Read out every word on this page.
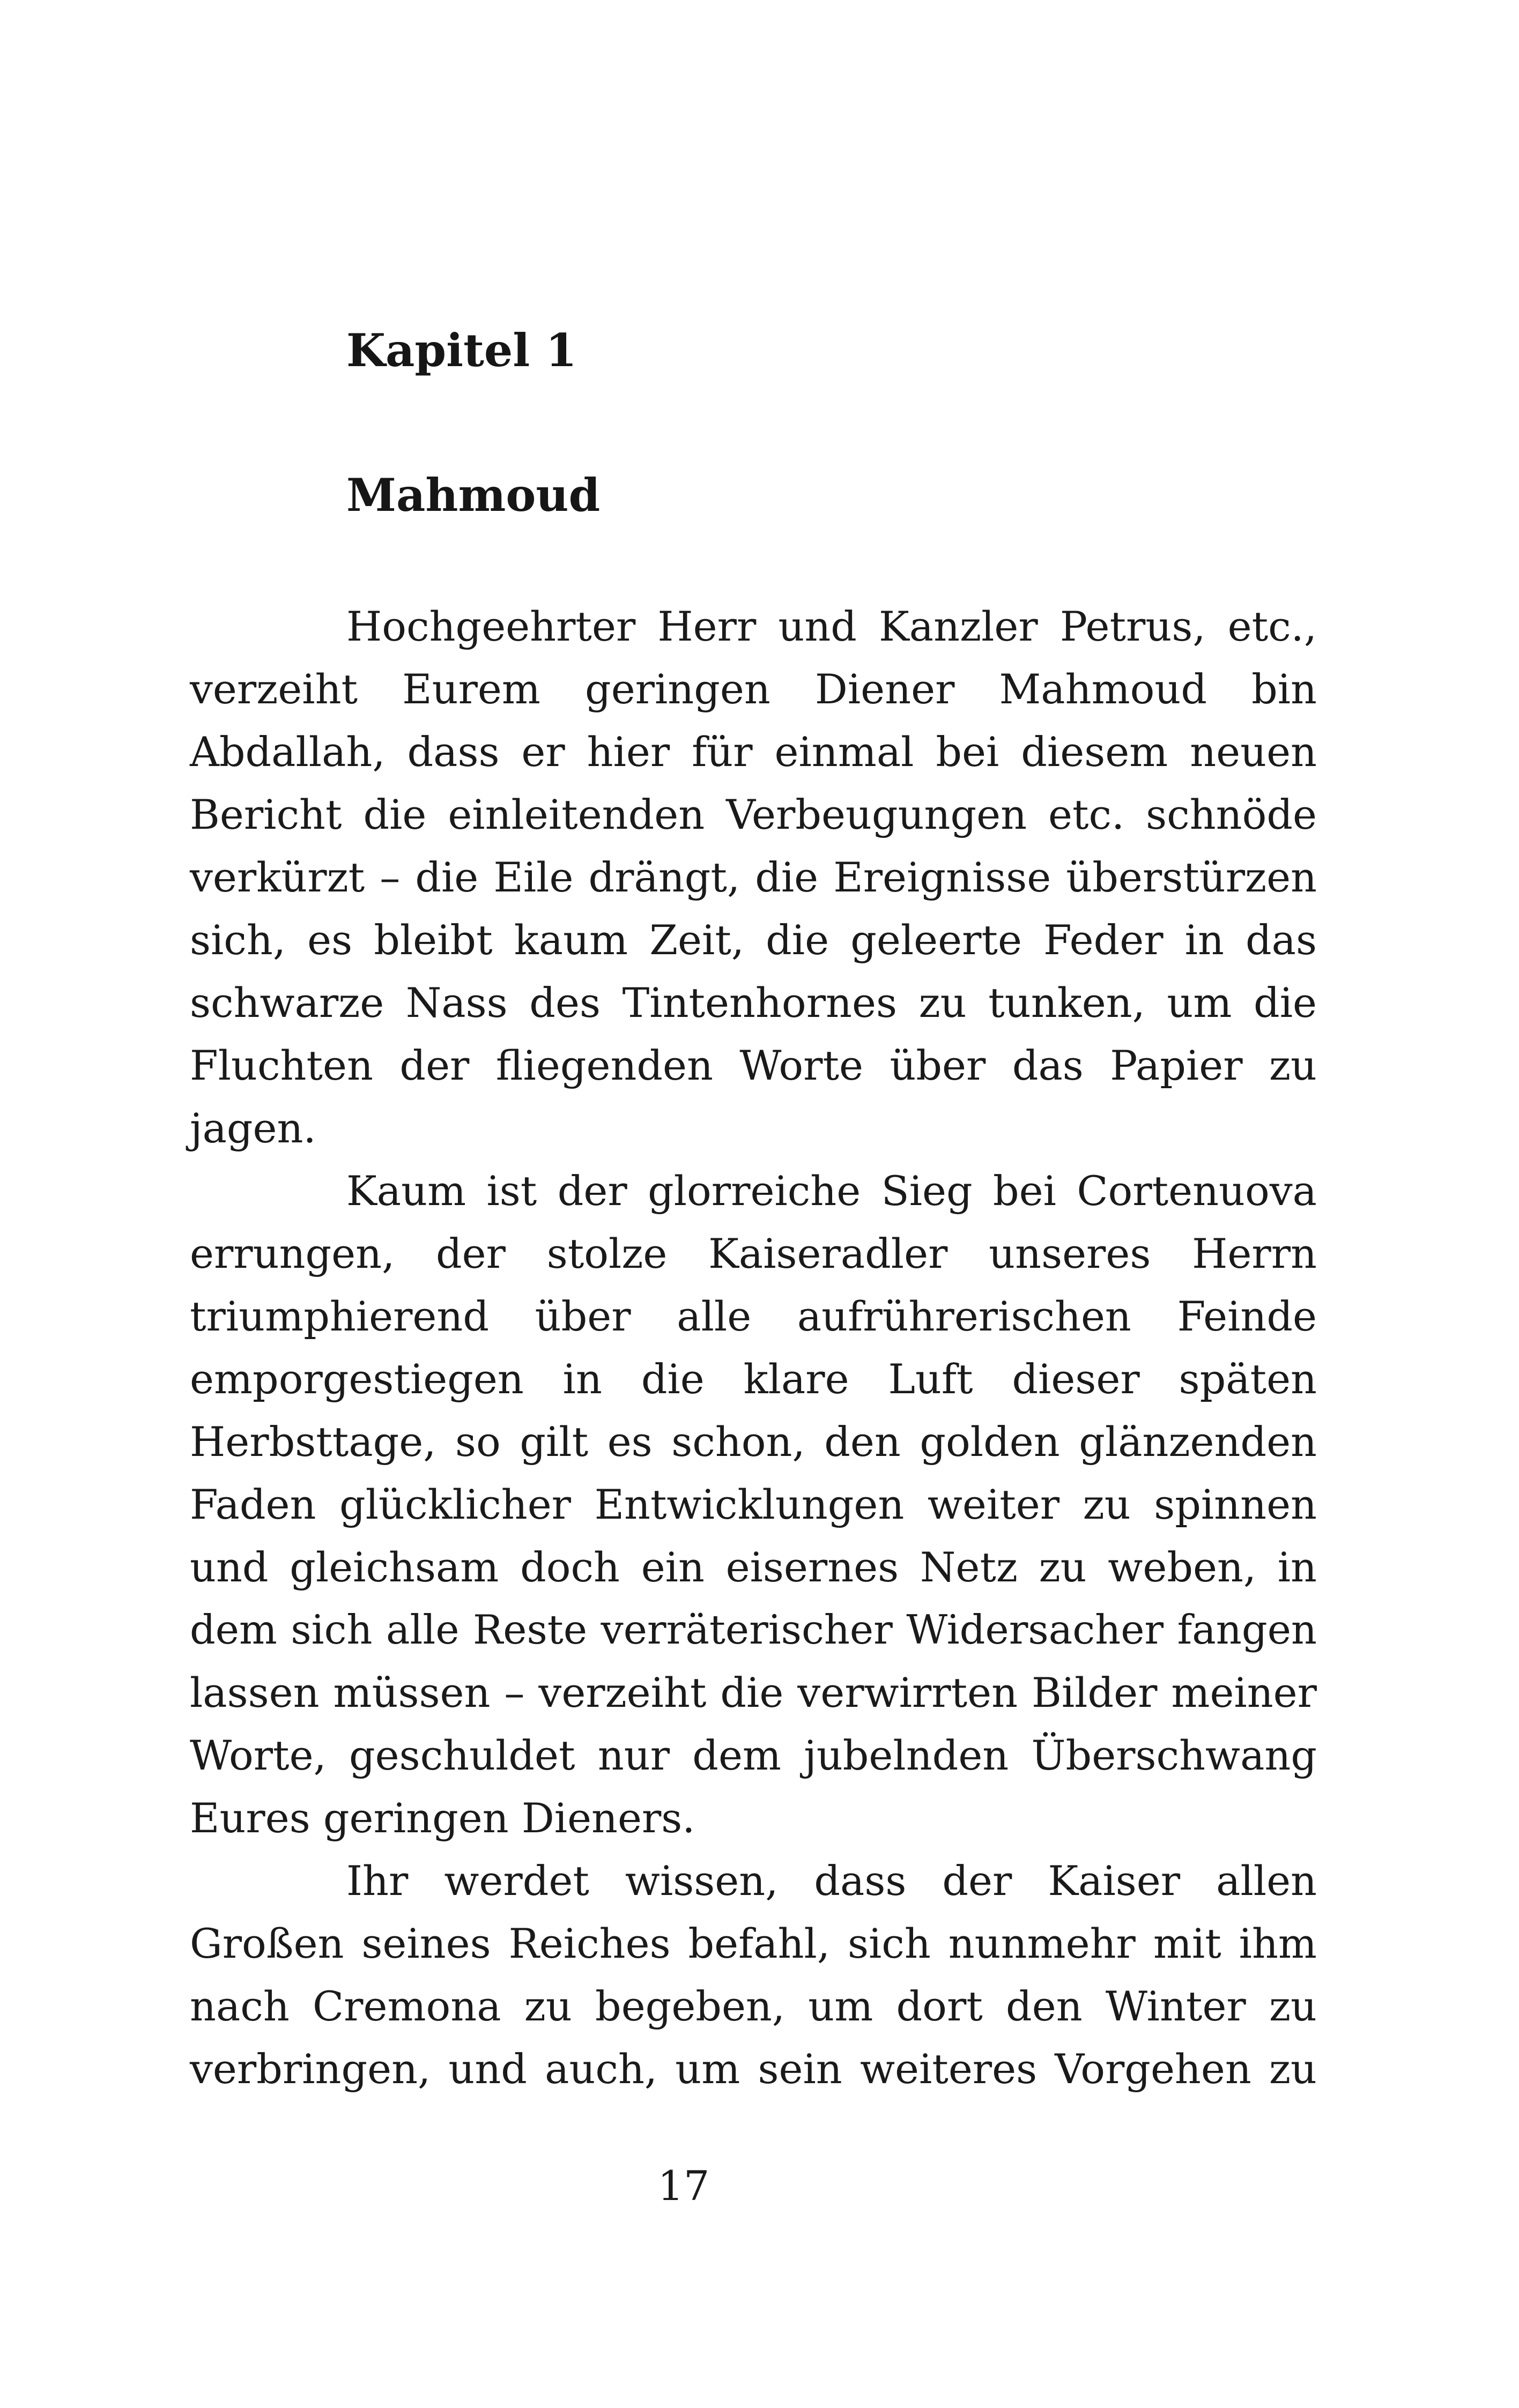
Kapitel 1
Mahmoud
Hochgeehrter Herr und Kanzler Petrus, etc.,
verzeiht Eurem geringen Diener Mahmoud bin
Abdallah, dass er hier für einmal bei diesem neuen
Bericht die einleitenden Verbeugungen etc. schnöde
verkürzt – die Eile drängt, die Ereignisse überstürzen
sich, es bleibt kaum Zeit, die geleerte Feder in das
schwarze Nass des Tintenhornes zu tunken, um die
Fluchten der fliegenden Worte über das Papier zu
jagen.
Kaum ist der glorreiche Sieg bei Cortenuova
errungen, der stolze Kaiseradler unseres Herrn
triumphierend über alle aufrührerischen Feinde
emporgestiegen in die klare Luft dieser späten
Herbsttage, so gilt es schon, den golden glänzenden
Faden glücklicher Entwicklungen weiter zu spinnen
und gleichsam doch ein eisernes Netz zu weben, in
dem sich alle Reste verräterischer Widersacher fangen
lassen müssen – verzeiht die verwirrten Bilder meiner
Worte, geschuldet nur dem jubelnden Überschwang
Eures geringen Dieners.
Ihr werdet wissen, dass der Kaiser allen
Großen seines Reiches befahl, sich nunmehr mit ihm
nach Cremona zu begeben, um dort den Winter zu
verbringen, und auch, um sein weiteres Vorgehen zu
17
